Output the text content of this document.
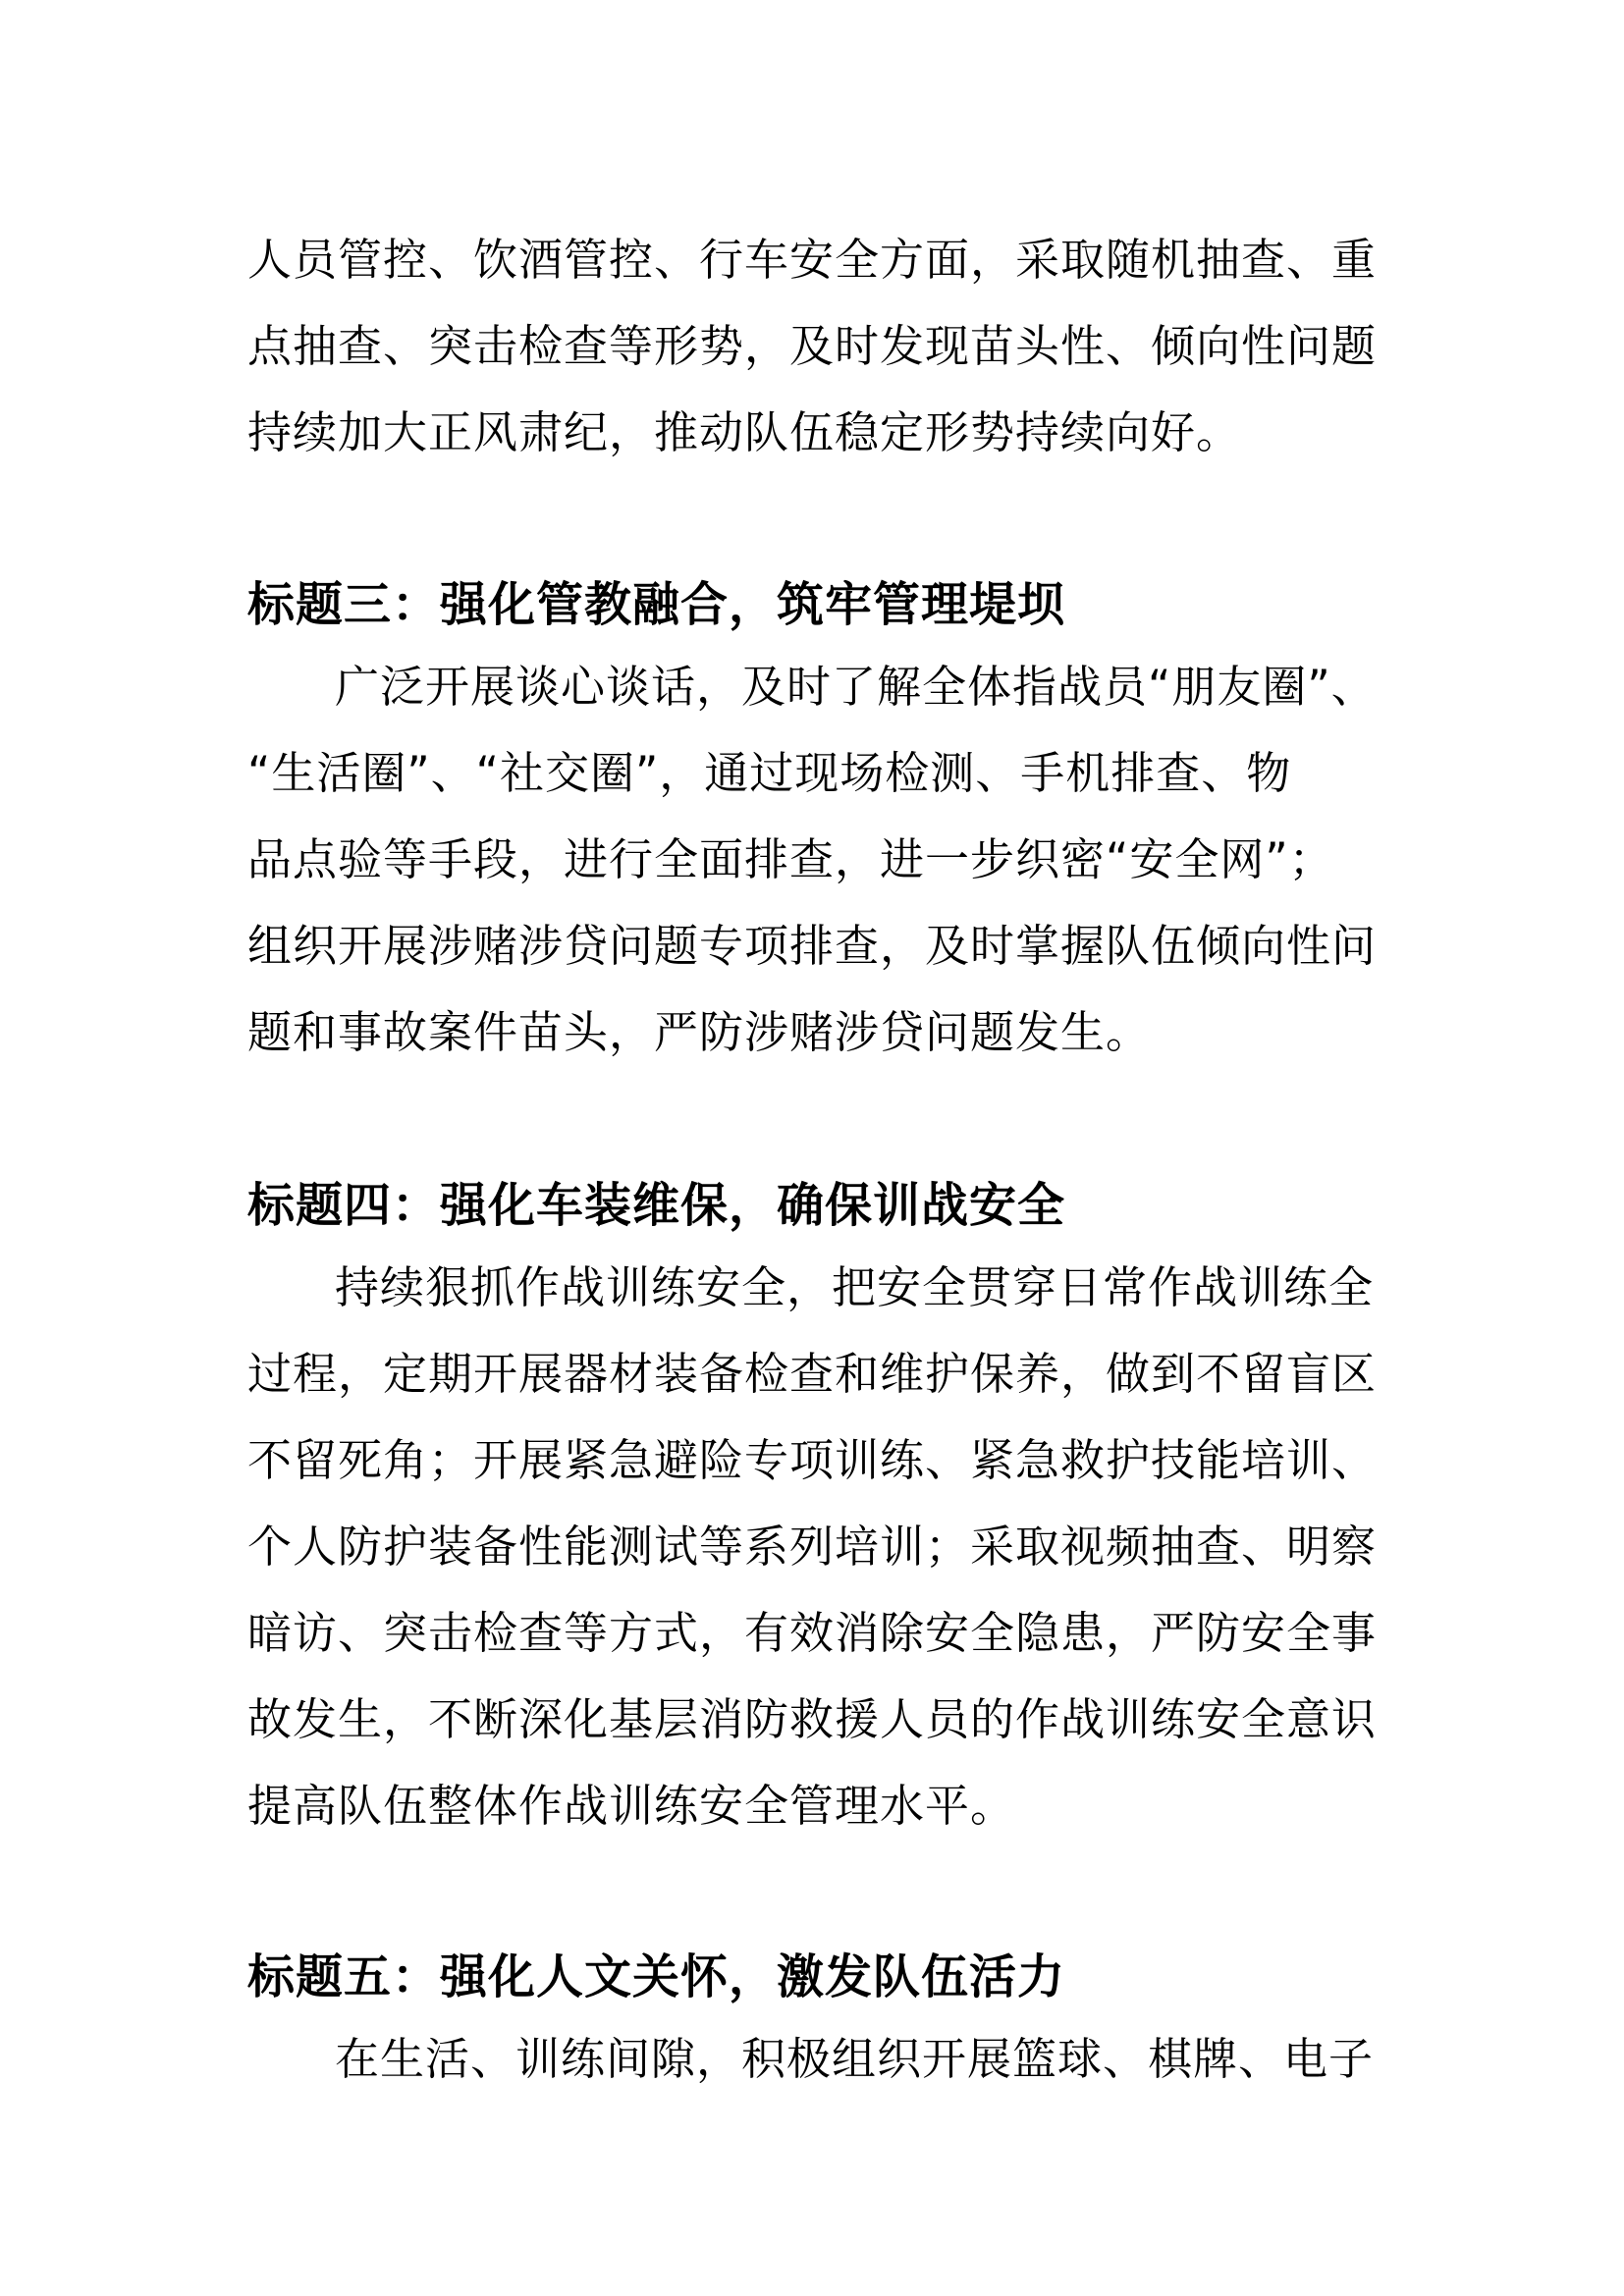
人员管控、饮酒管控、行车安全方面，采取随机抽查、重
点抽查、突击检查等形势，及时发现苗头性、倾向性问题
持续加大正风肃纪，推动队伍稳定形势持续向好。
标题三：强化管教融合，筑牢管理堤坝
广泛开展谈心谈话，及时了解全体指战员“朋友圈”、
“生活圈”、“社交圈”，通过现场检测、手机排查、物
品点验等手段，进行全面排查，进一步织密“安全网”；
组织开展涉赌涉贷问题专项排查，及时掌握队伍倾向性问
题和事故案件苗头，严防涉赌涉贷问题发生。
标题四：强化车装维保，确保训战安全
持续狠抓作战训练安全，把安全贯穿日常作战训练全
过程，定期开展器材装备检查和维护保养，做到不留盲区
不留死角；开展紧急避险专项训练、紧急救护技能培训、
个人防护装备性能测试等系列培训；采取视频抽查、明察
暗访、突击检查等方式，有效消除安全隐患，严防安全事
故发生，不断深化基层消防救援人员的作战训练安全意识
提高队伍整体作战训练安全管理水平。
标题五：强化人文关怀，激发队伍活力
在生活、训练间隙，积极组织开展篮球、棋牌、电子
